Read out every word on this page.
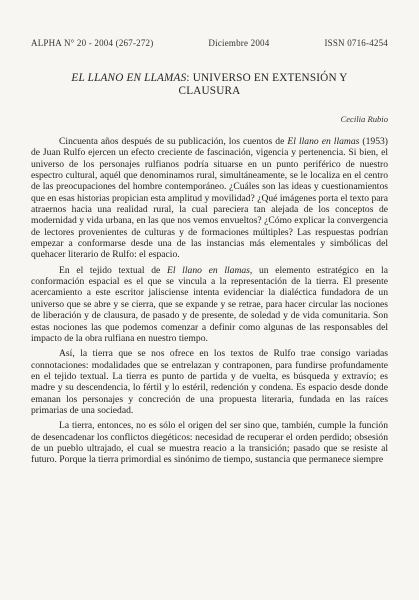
ALPHA N° 20 - 2004 (267-272)	Diciembre 2004	ISSN 0716-4254
EL LLANO EN LLAMAS: UNIVERSO EN EXTENSIÓN Y
CLAUSURA
Cecilia Rubio

Cincuenta años después de su publicación, los cuentos de El llano en llamas (1953) de Juan Rulfo ejercen un efecto creciente de fascinación, vigencia y pertenencia. Si bien, el universo de los personajes rulfianos podría situarse en un punto periférico de nuestro espectro cultural, aquél que denominamos rural, simultáneamente, se le localiza en el centro de las preocupaciones del hombre contemporáneo. ¿Cuáles son las ideas y cuestionamientos que en esas historias propician esta amplitud y movilidad? ¿Qué imágenes porta el texto para atraernos hacia una realidad rural, la cual pareciera tan alejada de los conceptos de modernidad y vida urbana, en las que nos vemos envueltos? ¿Cómo explicar la convergencia de lectores provenientes de culturas y de formaciones múltiples? Las respuestas podrían empezar a conformarse desde una de las instancias más elementales y simbólicas del quehacer literario de Rulfo: el espacio.

En el tejido textual de El llano en llamas, un elemento estratégico en la conformación espacial es el que se vincula a la representación de la tierra. El presente acercamiento a este escritor jalisciense intenta evidenciar la dialéctica fundadora de un universo que se abre y se cierra, que se expande y se retrae, para hacer circular las nociones de liberación y de clausura, de pasado y de presente, de soledad y de vida comunitaria. Son estas nociones las que podemos comenzar a definir como algunas de las responsables del impacto de la obra rulfiana en nuestro tiempo.

Así, la tierra que se nos ofrece en los textos de Rulfo trae consigo variadas connotaciones: modalidades que se entrelazan y contraponen, para fundirse profundamente en el tejido textual. La tierra es punto de partida y de vuelta, es búsqueda y extravío; es madre y su descendencia, lo fértil y lo estéril, redención y condena. Es espacio desde donde emanan los personajes y concreción de una propuesta literaria, fundada en las raíces primarias de una sociedad.

La tierra, entonces, no es sólo el origen del ser sino que, también, cumple la función de desencadenar los conflictos diegéticos: necesidad de recuperar el orden perdido; obsesión de un pueblo ultrajado, el cual se muestra reacio a la transición; pasado que se resiste al futuro. Porque la tierra primordial es sinónimo de tiempo, sustancia que permanece siempre
